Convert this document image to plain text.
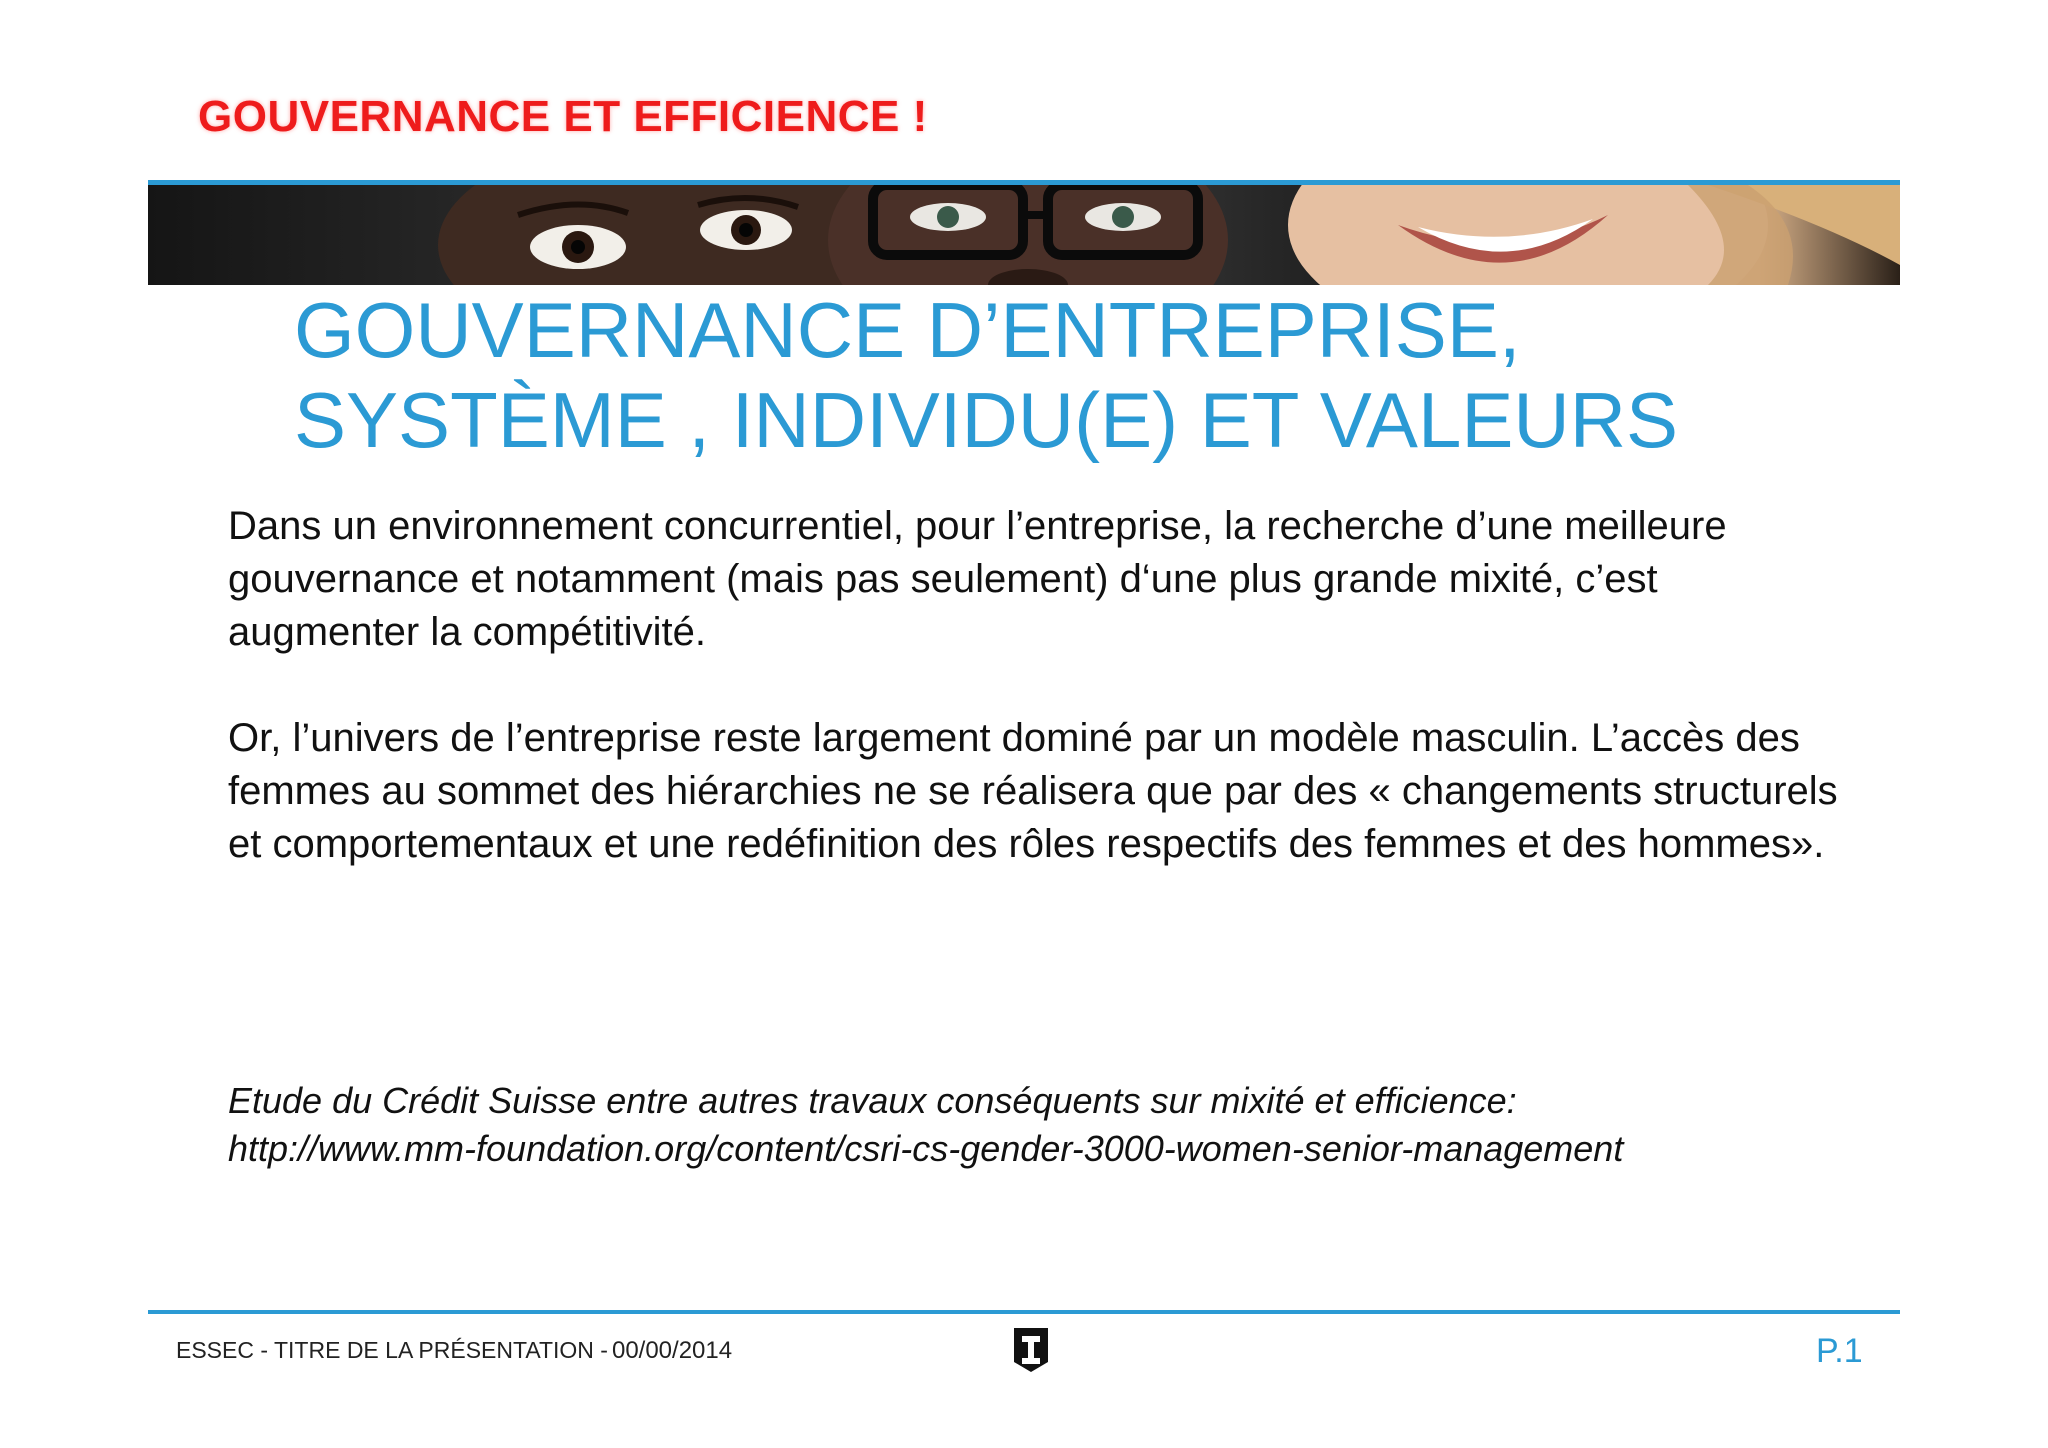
GOUVERNANCE ET EFFICIENCE !
GOUVERNANCE D’ENTREPRISE,
SYSTÈME , INDIVIDU(E) ET VALEURS

Dans un environnement concurrentiel, pour l’entreprise, la recherche d’une meilleure gouvernance et notamment (mais pas seulement) d‘une plus grande mixité, c’est augmenter la compétitivité.

Or, l’univers de l’entreprise reste largement dominé par un modèle masculin. L’accès des femmes au sommet des hiérarchies ne se réalisera que par des « changements structurels et comportementaux et une redéfinition des rôles respectifs des femmes et des hommes».

Etude du Crédit Suisse entre autres travaux conséquents sur mixité et efficience:
http://www.mm-foundation.org/content/csri-cs-gender-3000-women-senior-management
ESSEC - TITRE DE LA PRÉSENTATION - 00/00/2014	P.1
